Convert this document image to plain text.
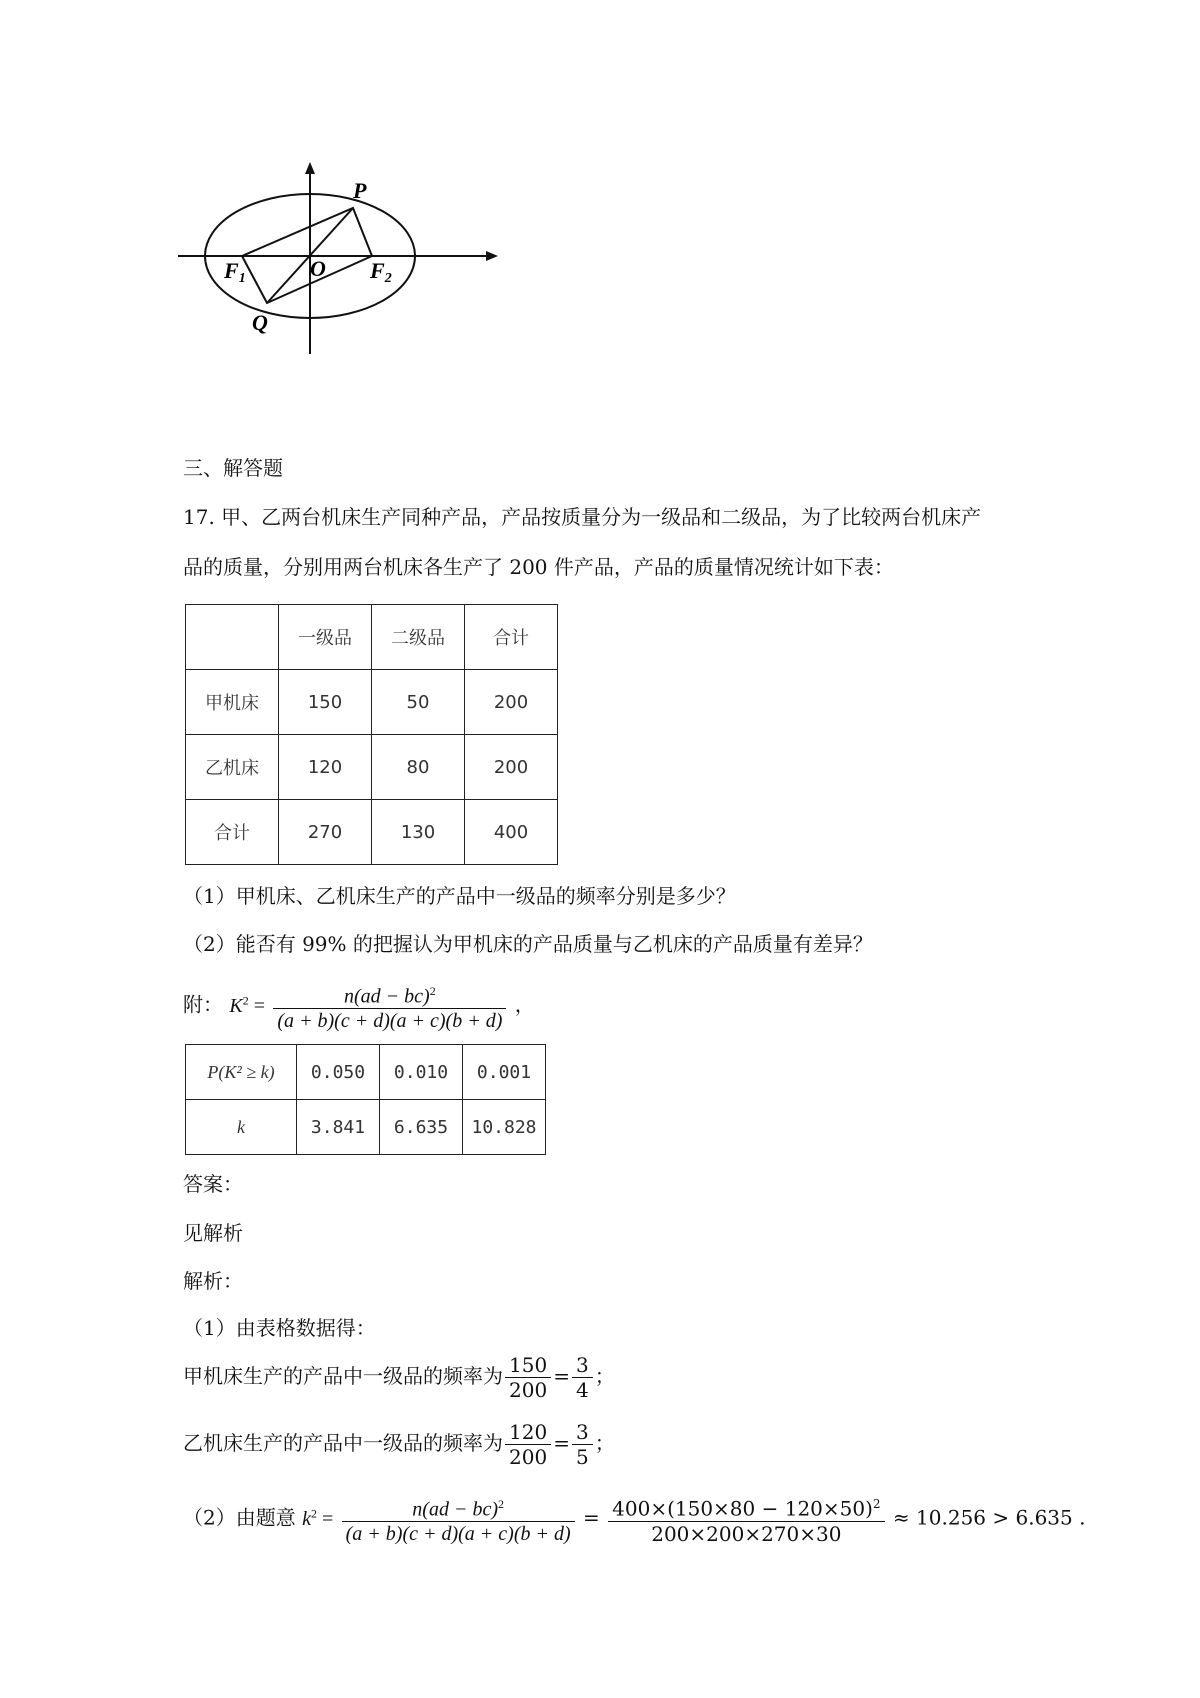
P
O
Q
F1	F2
三、解答题
17. 甲、乙两台机床生产同种产品，产品按质量分为一级品和二级品，为了比较两台机床产
品的质量，分别用两台机床各生产了 200 件产品，产品的质量情况统计如下表：
	一级品	二级品	合计
甲机床	150	50	200
乙机床	120	80	200
合计	270	130	400
（1）甲机床、乙机床生产的产品中一级品的频率分别是多少？
（2）能否有 99% 的把握认为甲机床的产品质量与乙机床的产品质量有差异？
附： $K^2 = \frac{n(ad - bc)^2}{(a + b)(c + d)(a + c)(b + d)}$ ，
P(K² ≥ k)	0.050	0.010	0.001
k	3.841	6.635	10.828
答案：
见解析
解析：
（1）由表格数据得：
甲机床生产的产品中一级品的频率为 $\frac{150}{200} = \frac{3}{4}$ ；
乙机床生产的产品中一级品的频率为 $\frac{120}{200} = \frac{3}{5}$ ；
（2）由题意 $k^2 = \frac{n(ad - bc)^2}{(a + b)(c + d)(a + c)(b + d)} = \frac{400\times(150\times 80 - 120\times 50)^2}{200\times 200\times 270\times 30} \approx 10.256 > 6.635$ .
